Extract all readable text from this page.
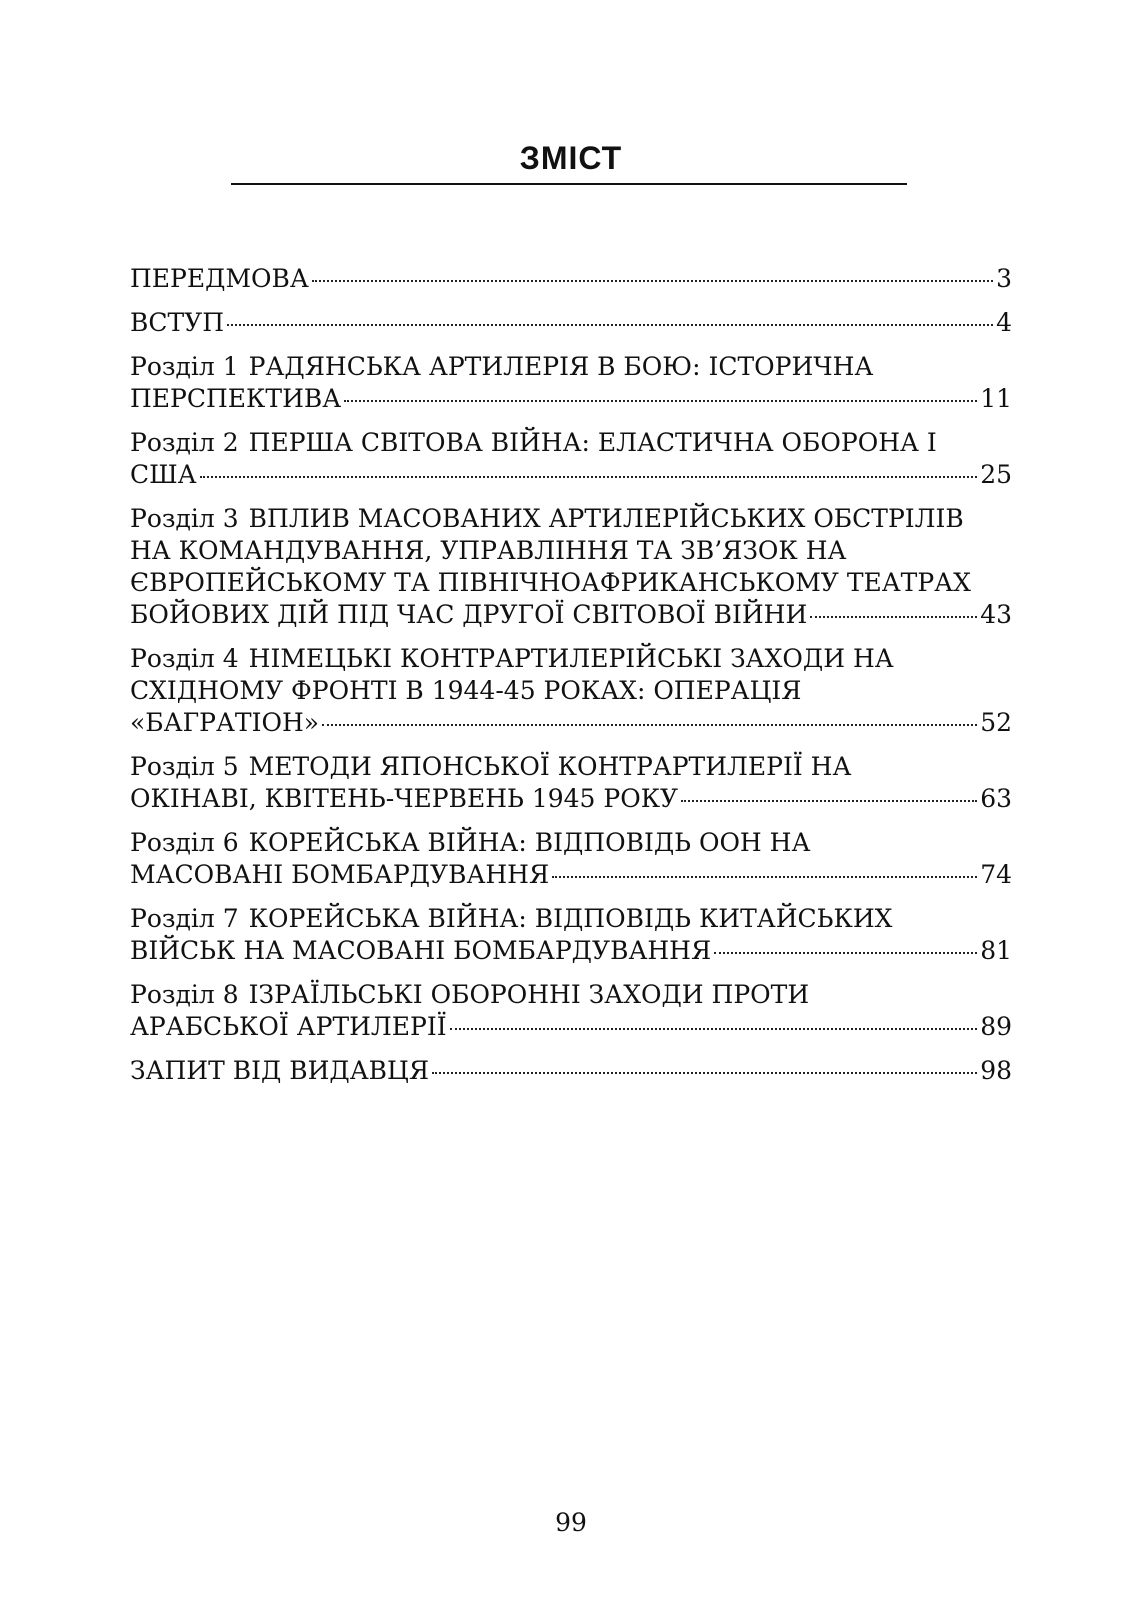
ЗМІСТ
ПЕРЕДМОВА	3
ВСТУП	4
Розділ 1 РАДЯНСЬКА АРТИЛЕРІЯ В БОЮ: ІСТОРИЧНА
ПЕРСПЕКТИВА	11
Розділ 2 ПЕРША СВІТОВА ВІЙНА: ЕЛАСТИЧНА ОБОРОНА І
США	25
Розділ 3 ВПЛИВ МАСОВАНИХ АРТИЛЕРІЙСЬКИХ ОБСТРІЛІВ
НА КОМАНДУВАННЯ, УПРАВЛІННЯ ТА ЗВ’ЯЗОК НА
ЄВРОПЕЙСЬКОМУ ТА ПІВНІЧНОАФРИКАНСЬКОМУ ТЕАТРАХ
БОЙОВИХ ДІЙ ПІД ЧАС ДРУГОЇ СВІТОВОЇ ВІЙНИ	43
Розділ 4 НІМЕЦЬКІ КОНТРАРТИЛЕРІЙСЬКІ ЗАХОДИ НА
СХІДНОМУ ФРОНТІ В 1944-45 РОКАХ: ОПЕРАЦІЯ
«БАГРАТІОН»	52
Розділ 5 МЕТОДИ ЯПОНСЬКОЇ КОНТРАРТИЛЕРІЇ НА
ОКІНАВІ, КВІТЕНЬ-ЧЕРВЕНЬ 1945 РОКУ	63
Розділ 6 КОРЕЙСЬКА ВІЙНА: ВІДПОВІДЬ ООН НА
МАСОВАНІ БОМБАРДУВАННЯ	74
Розділ 7 КОРЕЙСЬКА ВІЙНА: ВІДПОВІДЬ КИТАЙСЬКИХ
ВІЙСЬК НА МАСОВАНІ БОМБАРДУВАННЯ	81
Розділ 8 ІЗРАЇЛЬСЬКІ ОБОРОННІ ЗАХОДИ ПРОТИ
АРАБСЬКОЇ АРТИЛЕРІЇ	89
ЗАПИТ ВІД ВИДАВЦЯ	98
99
